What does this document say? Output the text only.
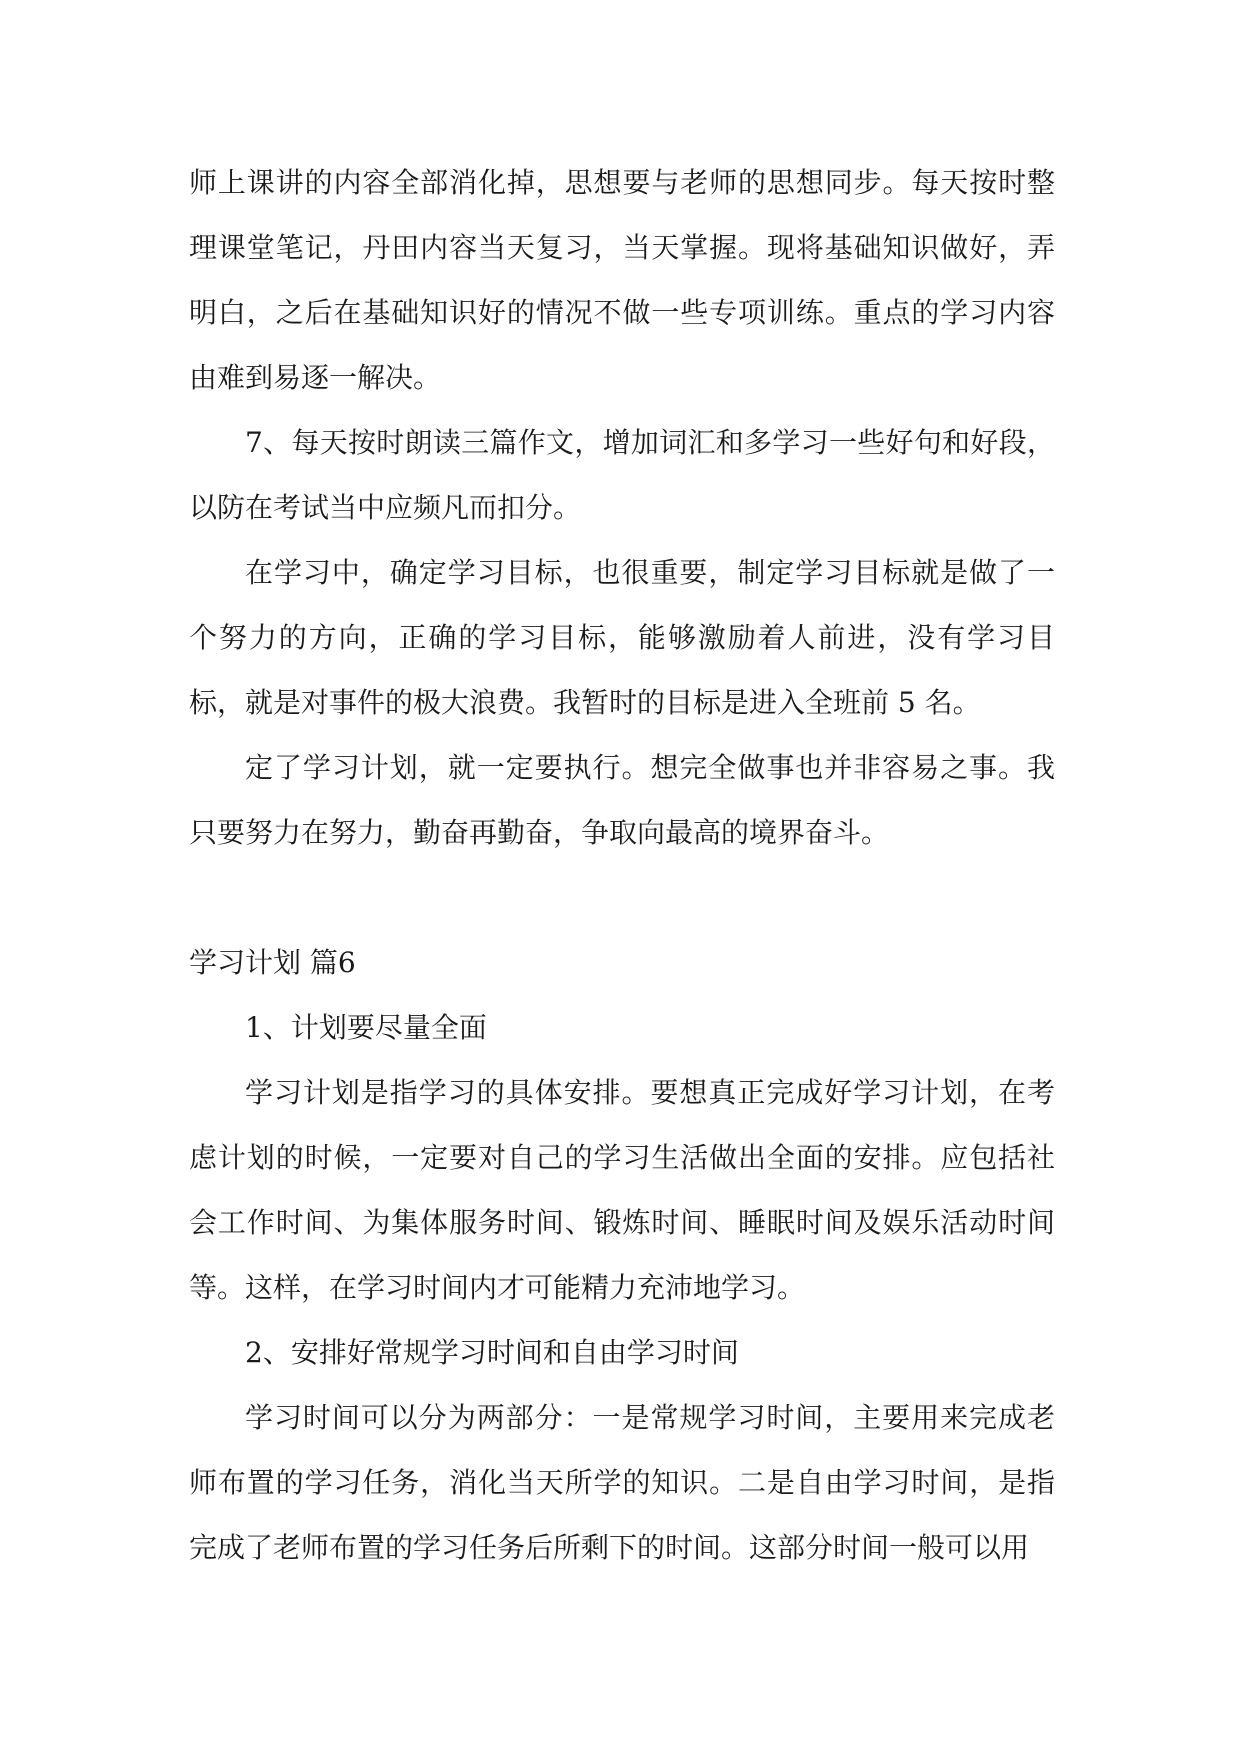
师上课讲的内容全部消化掉，思想要与老师的思想同步。每天按时整理课堂笔记，丹田内容当天复习，当天掌握。现将基础知识做好，弄明白，之后在基础知识好的情况不做一些专项训练。重点的学习内容由难到易逐一解决。

7、每天按时朗读三篇作文，增加词汇和多学习一些好句和好段，以防在考试当中应频凡而扣分。

在学习中，确定学习目标，也很重要，制定学习目标就是做了一个努力的方向，正确的学习目标，能够激励着人前进，没有学习目标，就是对事件的极大浪费。我暂时的目标是进入全班前 5 名。

定了学习计划，就一定要执行。想完全做事也并非容易之事。我只要努力在努力，勤奋再勤奋，争取向最高的境界奋斗。

学习计划 篇6

1、计划要尽量全面

学习计划是指学习的具体安排。要想真正完成好学习计划，在考虑计划的时候，一定要对自己的学习生活做出全面的安排。应包括社会工作时间、为集体服务时间、锻炼时间、睡眠时间及娱乐活动时间等。这样，在学习时间内才可能精力充沛地学习。

2、安排好常规学习时间和自由学习时间

学习时间可以分为两部分：一是常规学习时间，主要用来完成老师布置的学习任务，消化当天所学的知识。二是自由学习时间，是指完成了老师布置的学习任务后所剩下的时间。这部分时间一般可以用
